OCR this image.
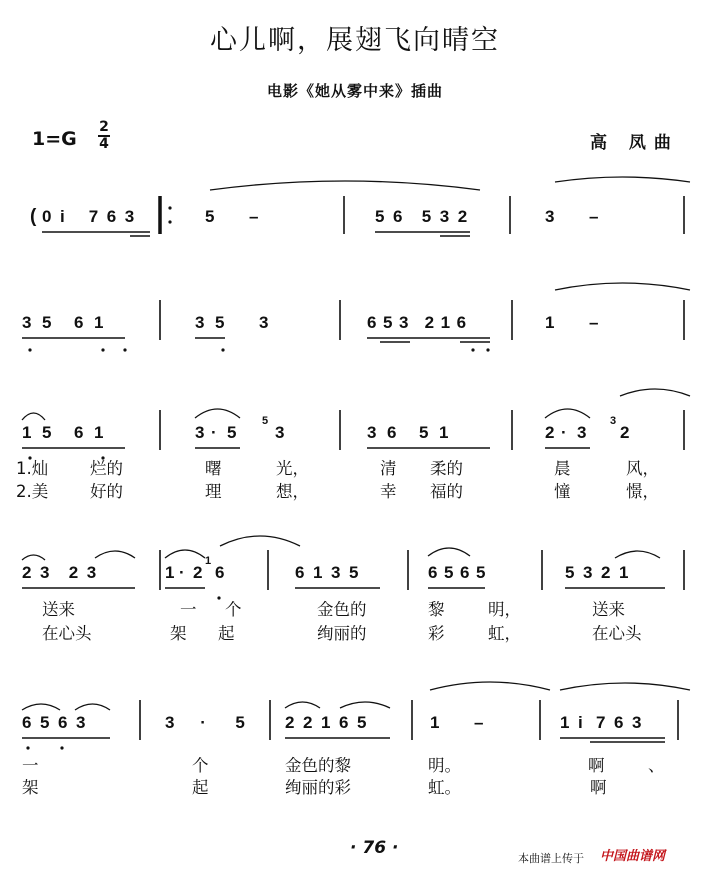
心儿啊，展翅飞向晴空
电影《她从雾中来》插曲
1=G
2
4	高 凤曲
( 0 i 7 6 3	5 –	5 6 5 3 2	3 –
3 5 6 1	3 5 3	6 5 3 2 1 6	1 –
1 5 6 1	3 · 5
5
3	3 6 5 1	2 · 3
3
2
2 3 2 3	1 · 2
1
6	6 1 3 5	6 5 6 5	5 3 2 1
6 5 6 3	3 · 5 2 2 1 6 5	1 –	1 i 7 6 3
1.灿	烂的	曙	光，	清 柔的	晨	风，
2.美	好的	理	想，	幸 福的	憧	憬，
送来	一 个	金色的	黎	明，	送来
在心头	架 起	绚丽的	彩	虹，	在心头
一	个	金色的黎	明。	啊	、
架	起	绚丽的彩	虹。	啊
· 76 ·
本曲谱上传于 中国曲谱网
